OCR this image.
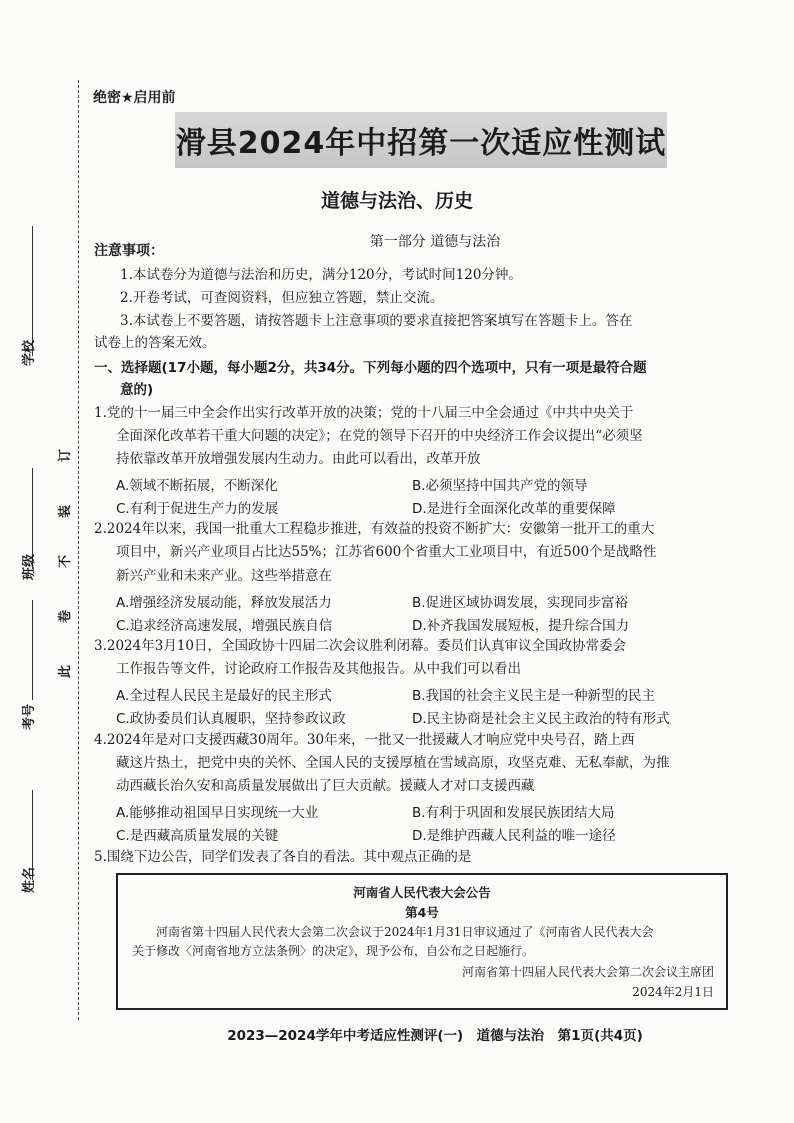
学校
班级
考号
姓名
订
装
不
卷
此
绝密★启用前
滑县2024年中招第一次适应性测试
道德与法治、历史
第一部分 道德与法治
注意事项：
1.本试卷分为道德与法治和历史，满分120分，考试时间120分钟。
2.开卷考试，可查阅资料，但应独立答题，禁止交流。
3.本试卷上不要答题，请按答题卡上注意事项的要求直接把答案填写在答题卡上。答在
试卷上的答案无效。
一、选择题(17小题，每小题2分，共34分。下列每小题的四个选项中，只有一项是最符合题
意的)
1.党的十一届三中全会作出实行改革开放的决策；党的十八届三中全会通过《中共中央关于
全面深化改革若干重大问题的决定》；在党的领导下召开的中央经济工作会议提出“必须坚
持依靠改革开放增强发展内生动力。由此可以看出，改革开放
A.领域不断拓展，不断深化	B.必须坚持中国共产党的领导
C.有利于促进生产力的发展	D.是进行全面深化改革的重要保障
2.2024年以来，我国一批重大工程稳步推进，有效益的投资不断扩大：安徽第一批开工的重大
项目中，新兴产业项目占比达55%；江苏省600个省重大工业项目中，有近500个是战略性
新兴产业和未来产业。这些举措意在
A.增强经济发展动能，释放发展活力	B.促进区域协调发展，实现同步富裕
C.追求经济高速发展，增强民族自信	D.补齐我国发展短板，提升综合国力
3.2024年3月10日，全国政协十四届二次会议胜利闭幕。委员们认真审议全国政协常委会
工作报告等文件，讨论政府工作报告及其他报告。从中我们可以看出
A.全过程人民民主是最好的民主形式	B.我国的社会主义民主是一种新型的民主
C.政协委员们认真履职，坚持参政议政	D.民主协商是社会主义民主政治的特有形式
4.2024年是对口支援西藏30周年。30年来，一批又一批援藏人才响应党中央号召，踏上西
藏这片热土，把党中央的关怀、全国人民的支援厚植在雪域高原，攻坚克难、无私奉献，为推
动西藏长治久安和高质量发展做出了巨大贡献。援藏人才对口支援西藏
A.能够推动祖国早日实现统一大业	B.有利于巩固和发展民族团结大局
C.是西藏高质量发展的关键	D.是维护西藏人民利益的唯一途径
5.围绕下边公告，同学们发表了各自的看法。其中观点正确的是
河南省人民代表大会公告
第4号
河南省第十四届人民代表大会第二次会议于2024年1月31日审议通过了《河南省人民代表大会
关于修改〈河南省地方立法条例〉的决定》，现予公布，自公布之日起施行。
河南省第十四届人民代表大会第二次会议主席团
2024年2月1日
2023—2024学年中考适应性测评(一)　道德与法治　第1页(共4页)
